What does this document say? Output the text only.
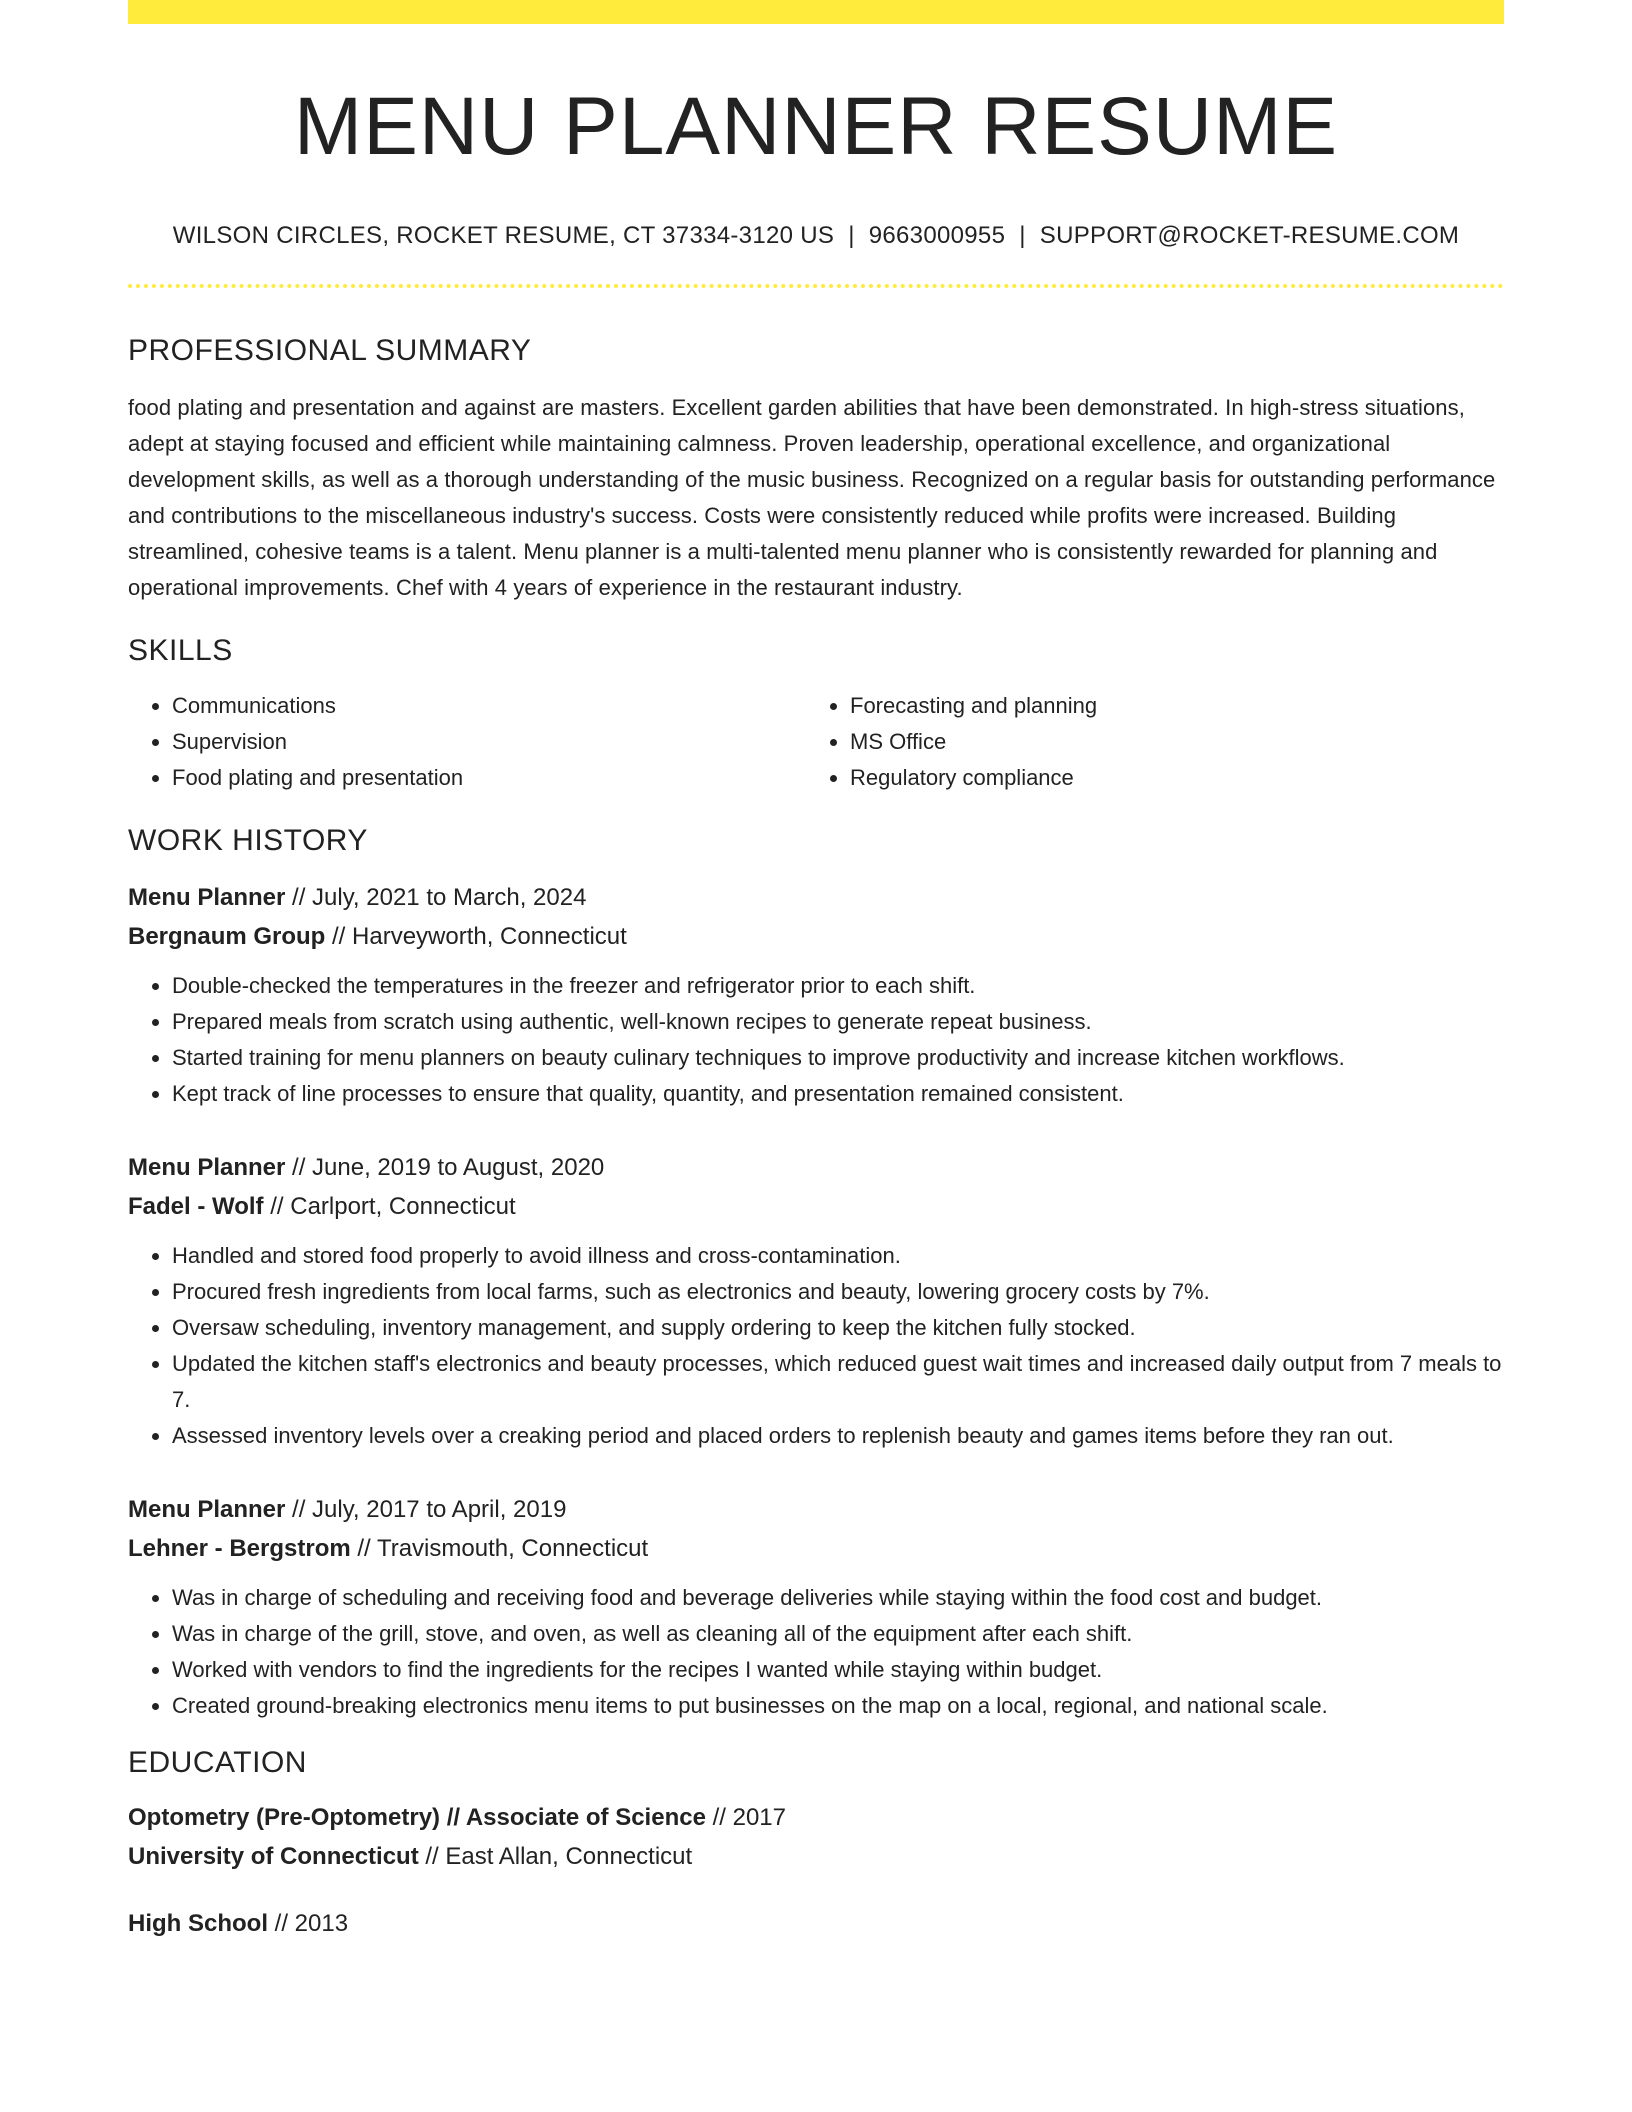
MENU PLANNER RESUME
WILSON CIRCLES, ROCKET RESUME, CT 37334-3120 US | 9663000955 | SUPPORT@ROCKET-RESUME.COM
PROFESSIONAL SUMMARY
food plating and presentation and against are masters. Excellent garden abilities that have been demonstrated. In high-stress situations, adept at staying focused and efficient while maintaining calmness. Proven leadership, operational excellence, and organizational development skills, as well as a thorough understanding of the music business. Recognized on a regular basis for outstanding performance and contributions to the miscellaneous industry's success. Costs were consistently reduced while profits were increased. Building streamlined, cohesive teams is a talent. Menu planner is a multi-talented menu planner who is consistently rewarded for planning and operational improvements. Chef with 4 years of experience in the restaurant industry.
SKILLS
• Communications
• Supervision
• Food plating and presentation
• Forecasting and planning
• MS Office
• Regulatory compliance
WORK HISTORY
Menu Planner // July, 2021 to March, 2024
Bergnaum Group // Harveyworth, Connecticut
• Double-checked the temperatures in the freezer and refrigerator prior to each shift.
• Prepared meals from scratch using authentic, well-known recipes to generate repeat business.
• Started training for menu planners on beauty culinary techniques to improve productivity and increase kitchen workflows.
• Kept track of line processes to ensure that quality, quantity, and presentation remained consistent.
Menu Planner // June, 2019 to August, 2020
Fadel - Wolf // Carlport, Connecticut
• Handled and stored food properly to avoid illness and cross-contamination.
• Procured fresh ingredients from local farms, such as electronics and beauty, lowering grocery costs by 7%.
• Oversaw scheduling, inventory management, and supply ordering to keep the kitchen fully stocked.
• Updated the kitchen staff's electronics and beauty processes, which reduced guest wait times and increased daily output from 7 meals to 7.
• Assessed inventory levels over a creaking period and placed orders to replenish beauty and games items before they ran out.
Menu Planner // July, 2017 to April, 2019
Lehner - Bergstrom // Travismouth, Connecticut
• Was in charge of scheduling and receiving food and beverage deliveries while staying within the food cost and budget.
• Was in charge of the grill, stove, and oven, as well as cleaning all of the equipment after each shift.
• Worked with vendors to find the ingredients for the recipes I wanted while staying within budget.
• Created ground-breaking electronics menu items to put businesses on the map on a local, regional, and national scale.
EDUCATION
Optometry (Pre-Optometry) // Associate of Science // 2017
University of Connecticut // East Allan, Connecticut
High School // 2013
